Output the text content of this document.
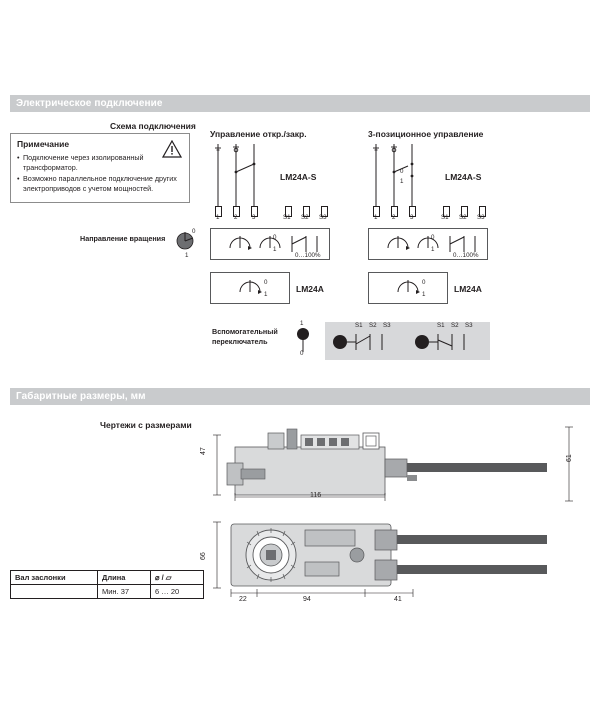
Электрическое подключение
Схема подключения
Примечание
• Подключение через изолированный трансформатор.
• Возможно параллельное подключение других электроприводов с учетом мощностей.
Направление вращения
0
1
Управление откр./закр.
LM24A-S
1 2 3	S1 S2 S3
0
1
0…100%
0
1
LM24A
3-позиционное управление
0
1	LM24A-S
1 2 3	S1 S2 S3
0
1
0…100%
0
1
LM24A
Вспомогательный
переключатель
1
0
S1 S2 S3	S1 S2 S3
Габаритные размеры, мм
Чертежи с размерами
47
61
116
66
22	94	41
Вал заслонки	Длина	⌀ / ▱
	Мин. 37	6 … 20
